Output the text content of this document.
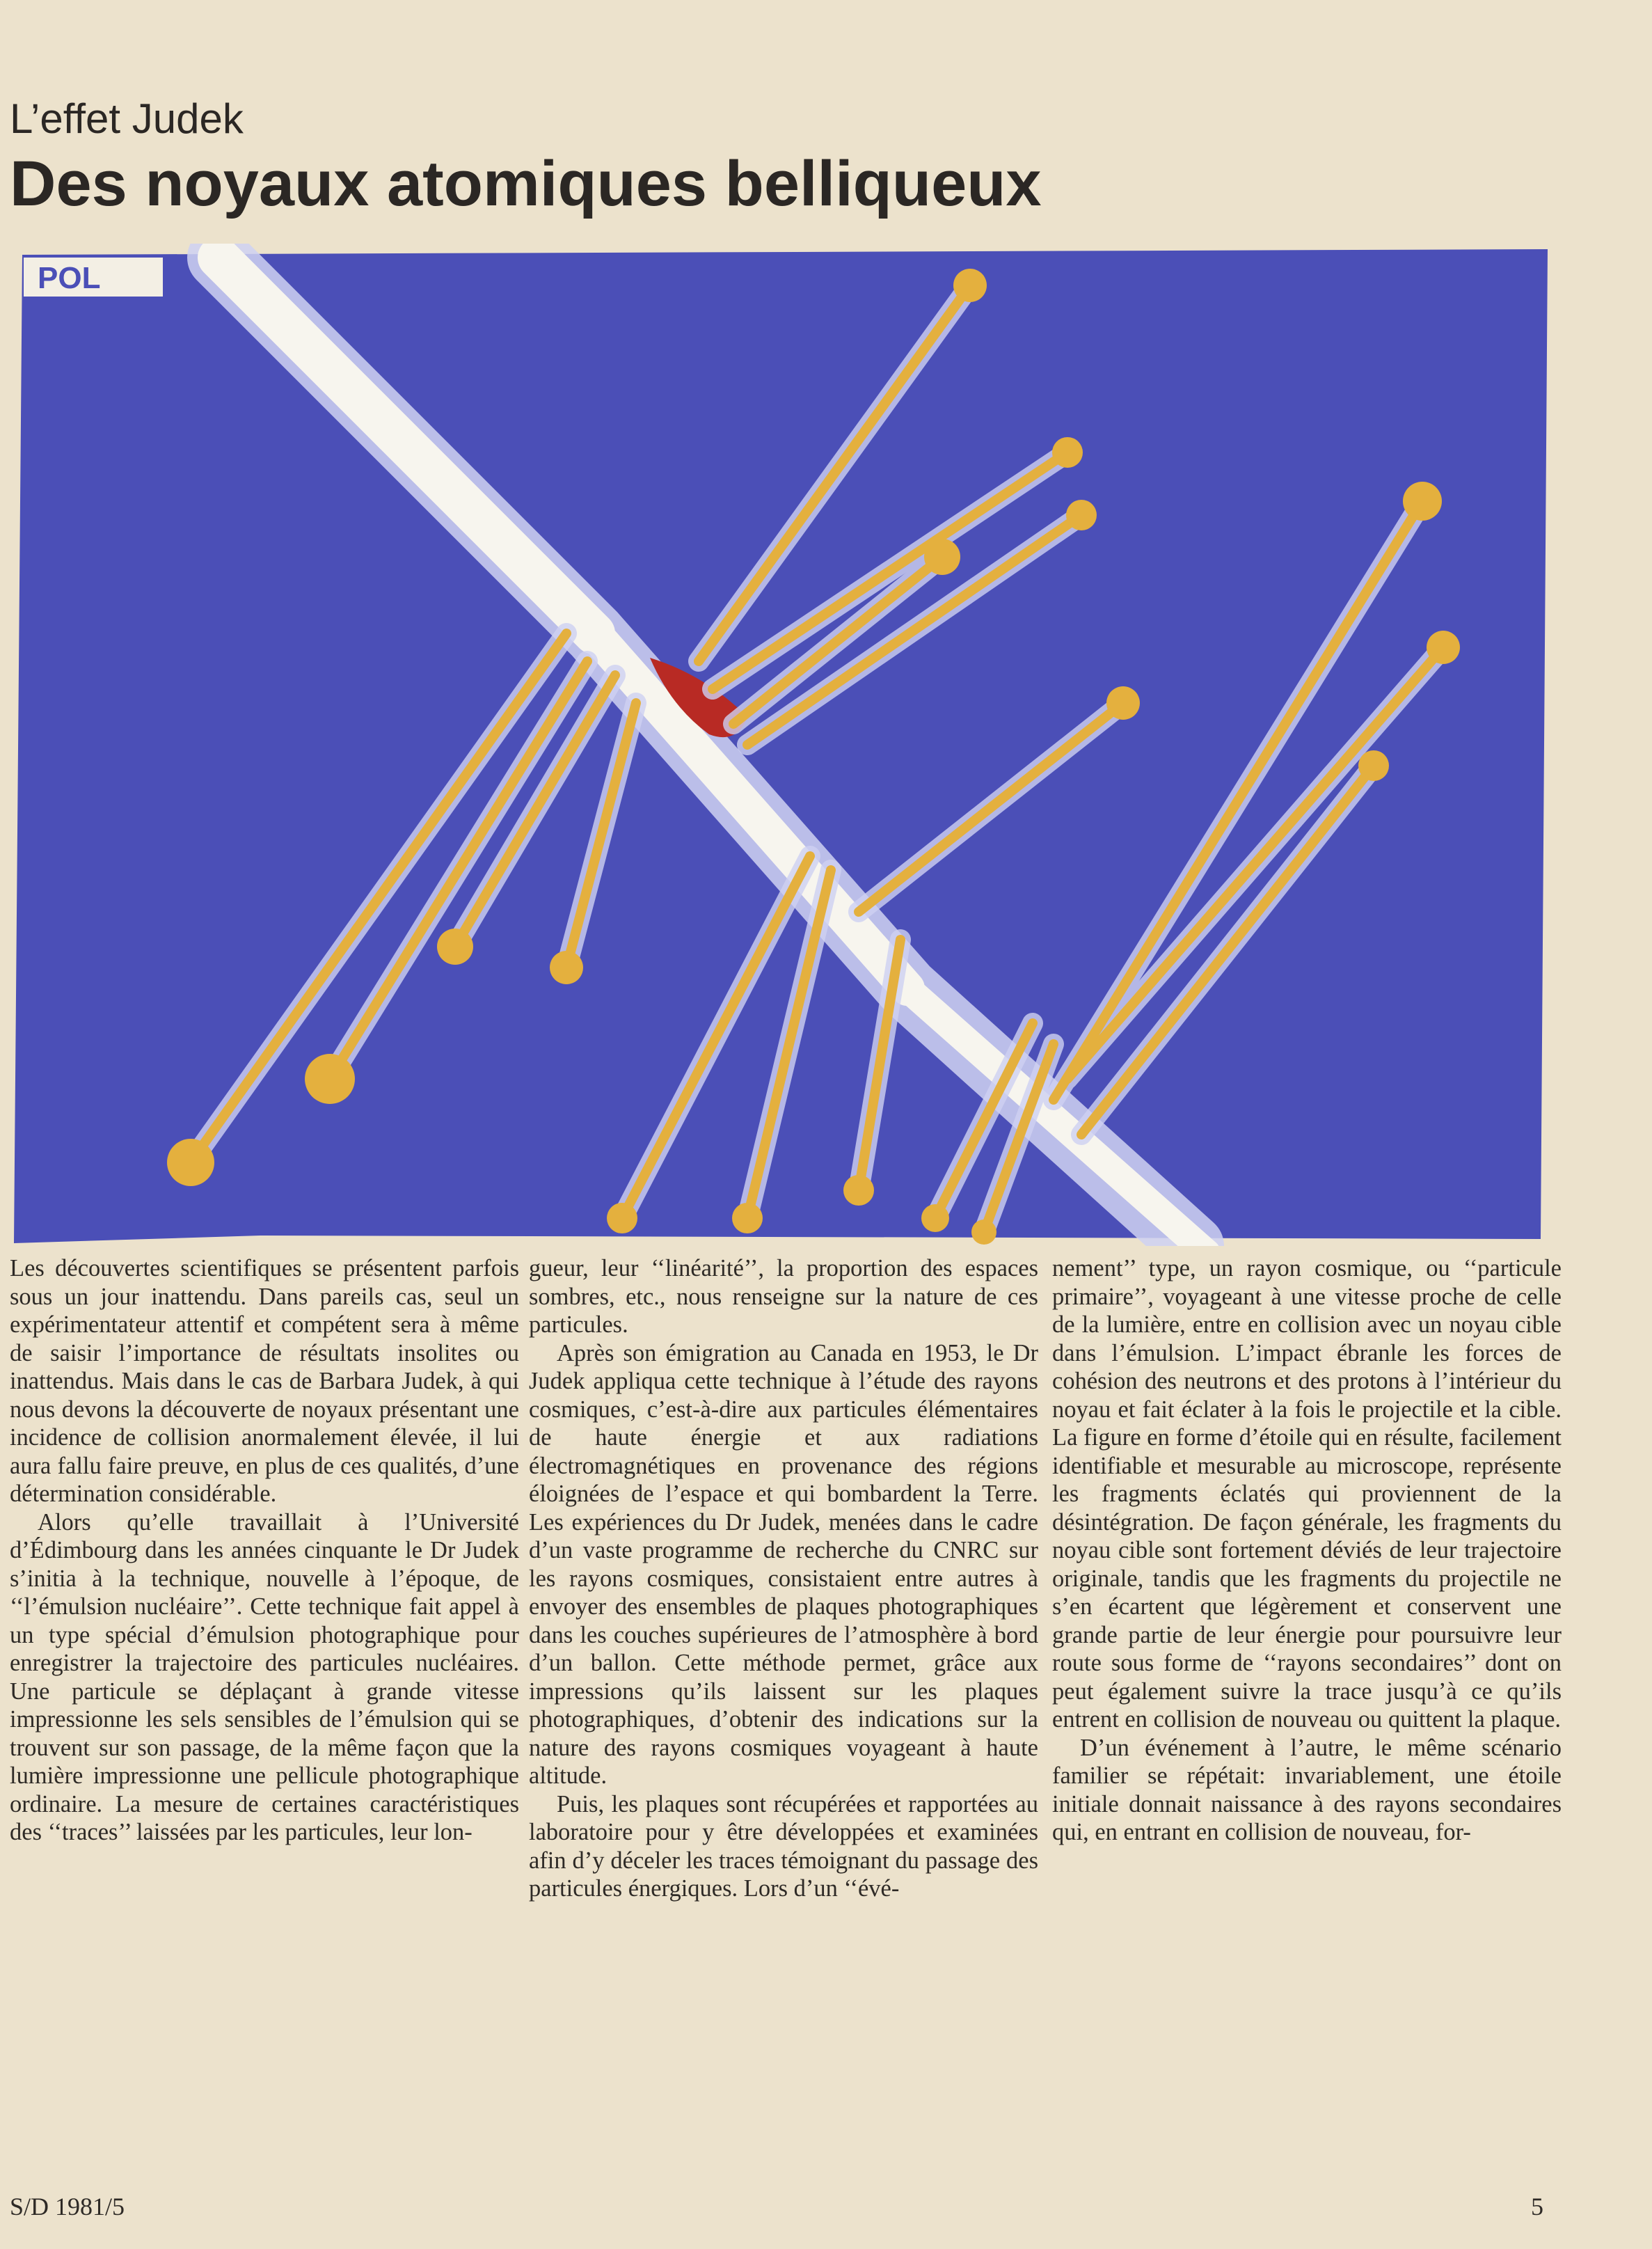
L’effet Judek
Des noyaux atomiques belliqueux
POL

Les découvertes scientifiques se présentent parfois sous un jour inattendu. Dans pareils cas, seul un expérimentateur attentif et compétent sera à même de saisir l’importance de résultats insolites ou inattendus. Mais dans le cas de Barbara Judek, à qui nous devons la découverte de noyaux présentant une incidence de collision anormalement élevée, il lui aura fallu faire preuve, en plus de ces qualités, d’une détermination considérable.

Alors qu’elle travaillait à l’Université d’Édimbourg dans les années cinquante le Dr Judek s’initia à la technique, nouvelle à l’époque, de ‘‘l’émulsion nucléaire’’. Cette technique fait appel à un type spécial d’émulsion photographique pour enregistrer la trajectoire des particules nucléaires. Une particule se déplaçant à grande vitesse impressionne les sels sensibles de l’émulsion qui se trouvent sur son passage, de la même façon que la lumière impressionne une pellicule photographique ordinaire. La mesure de certaines caractéristiques des ‘‘traces’’ laissées par les particules, leur lon-

gueur, leur ‘‘linéarité’’, la proportion des espaces sombres, etc., nous renseigne sur la nature de ces particules.

Après son émigration au Canada en 1953, le Dr Judek appliqua cette technique à l’étude des rayons cosmiques, c’est-à-dire aux particules élémentaires de haute énergie et aux radiations électromagnétiques en provenance des régions éloignées de l’espace et qui bombardent la Terre. Les expériences du Dr Judek, menées dans le cadre d’un vaste programme de recherche du CNRC sur les rayons cosmiques, consistaient entre autres à envoyer des ensembles de plaques photographiques dans les couches supérieures de l’atmosphère à bord d’un ballon. Cette méthode permet, grâce aux impressions qu’ils laissent sur les plaques photographiques, d’obtenir des indications sur la nature des rayons cosmiques voyageant à haute altitude.

Puis, les plaques sont récupérées et rapportées au laboratoire pour y être développées et examinées afin d’y déceler les traces témoignant du passage des particules énergiques. Lors d’un ‘‘évé-

nement’’ type, un rayon cosmique, ou ‘‘particule primaire’’, voyageant à une vitesse proche de celle de la lumière, entre en collision avec un noyau cible dans l’émulsion. L’impact ébranle les forces de cohésion des neutrons et des protons à l’intérieur du noyau et fait éclater à la fois le projectile et la cible. La figure en forme d’étoile qui en résulte, facilement identifiable et mesurable au microscope, représente les fragments éclatés qui proviennent de la désintégration. De façon générale, les fragments du noyau cible sont fortement déviés de leur trajectoire originale, tandis que les fragments du projectile ne s’en écartent que légèrement et conservent une grande partie de leur énergie pour poursuivre leur route sous forme de ‘‘rayons secondaires’’ dont on peut également suivre la trace jusqu’à ce qu’ils entrent en collision de nouveau ou quittent la plaque.

D’un événement à l’autre, le même scénario familier se répétait: invariablement, une étoile initiale donnait naissance à des rayons secondaires qui, en entrant en collision de nouveau, for-

S/D 1981/5	5
